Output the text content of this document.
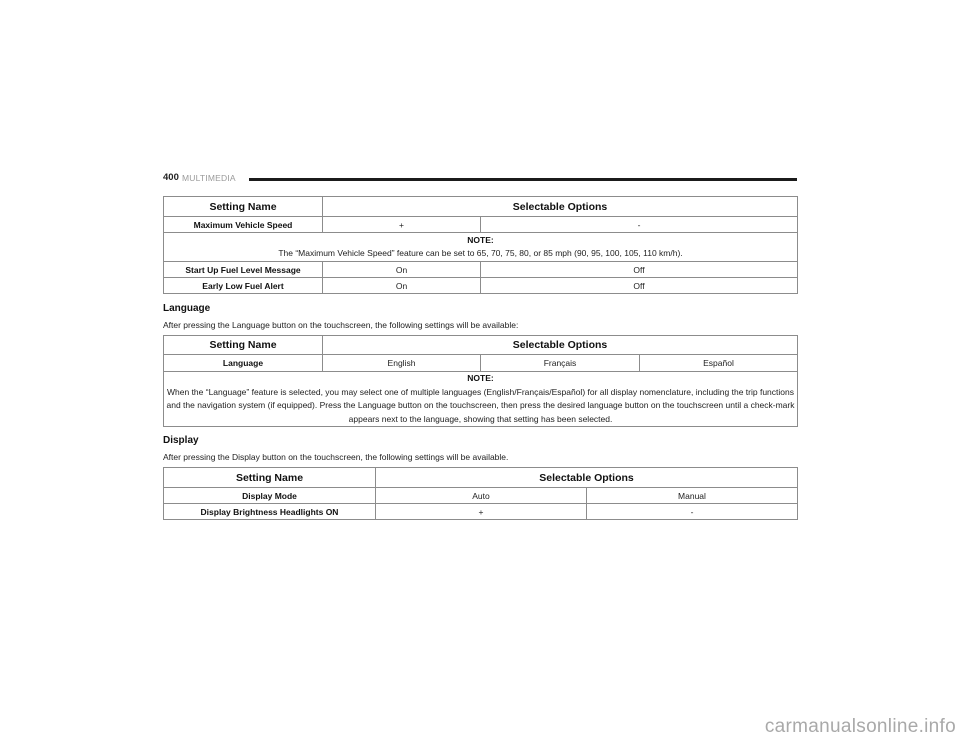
400 MULTIMEDIA
Setting Name	Selectable Options	
Maximum Vehicle Speed	+	-

NOTE:
The “Maximum Vehicle Speed” feature can be set to 65, 70, 75, 80, or 85 mph (90, 95, 100, 105, 110 km/h).		
Start Up Fuel Level Message	On	Off
Early Low Fuel Alert	On	Off
Language
After pressing the Language button on the touchscreen, the following settings will be available:
Setting Name	Selectable Options		
Language	English	Français	Español

NOTE:
When the “Language” feature is selected, you may select one of multiple languages (English/Français/Español) for all display nomenclature, including the trip functions and the navigation system (if equipped). Press the Language button on the touchscreen, then press the desired language button on the touchscreen until a check-mark appears next to the language, showing that setting has been selected.			
Display
After pressing the Display button on the touchscreen, the following settings will be available.
Setting Name	Selectable Options	
Display Mode	Auto	Manual
Display Brightness Headlights ON	+	-
carmanualsonline.info
